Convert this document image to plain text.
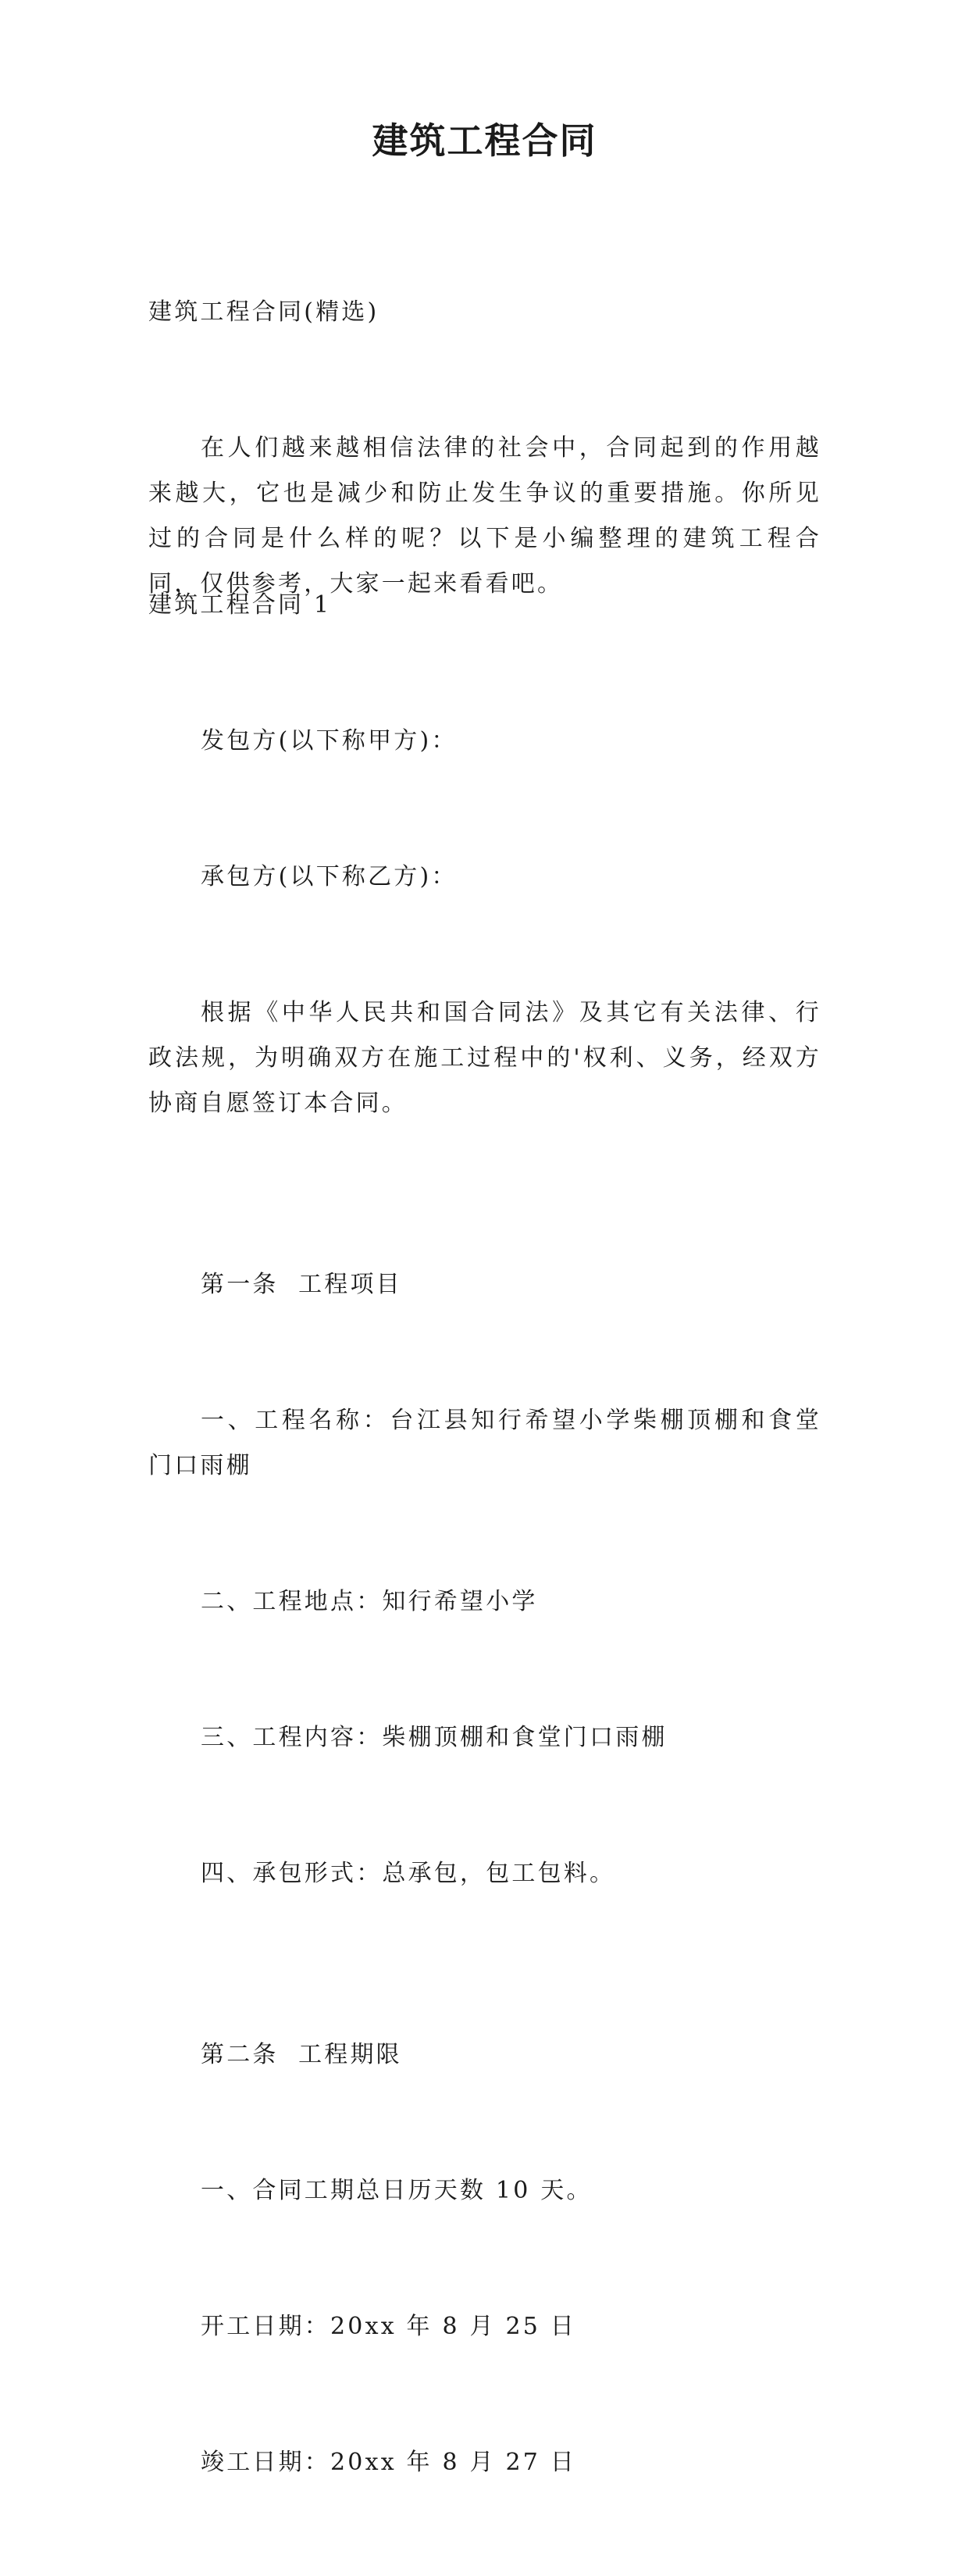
建筑工程合同

建筑工程合同(精选)

在人们越来越相信法律的社会中，合同起到的作用越来越大，它也是减少和防止发生争议的重要措施。你所见过的合同是什么样的呢？以下是小编整理的建筑工程合同，仅供参考，大家一起来看看吧。

建筑工程合同 1

发包方(以下称甲方)：

承包方(以下称乙方)：

根据《中华人民共和国合同法》及其它有关法律、行政法规，为明确双方在施工过程中的'权利、义务，经双方协商自愿签订本合同。

第一条  工程项目

一、工程名称：台江县知行希望小学柴棚顶棚和食堂门口雨棚

二、工程地点：知行希望小学

三、工程内容：柴棚顶棚和食堂门口雨棚

四、承包形式：总承包，包工包料。

第二条  工程期限

一、合同工期总日历天数 10 天。

开工日期：20xx 年 8 月 25 日

竣工日期：20xx 年 8 月 27 日
